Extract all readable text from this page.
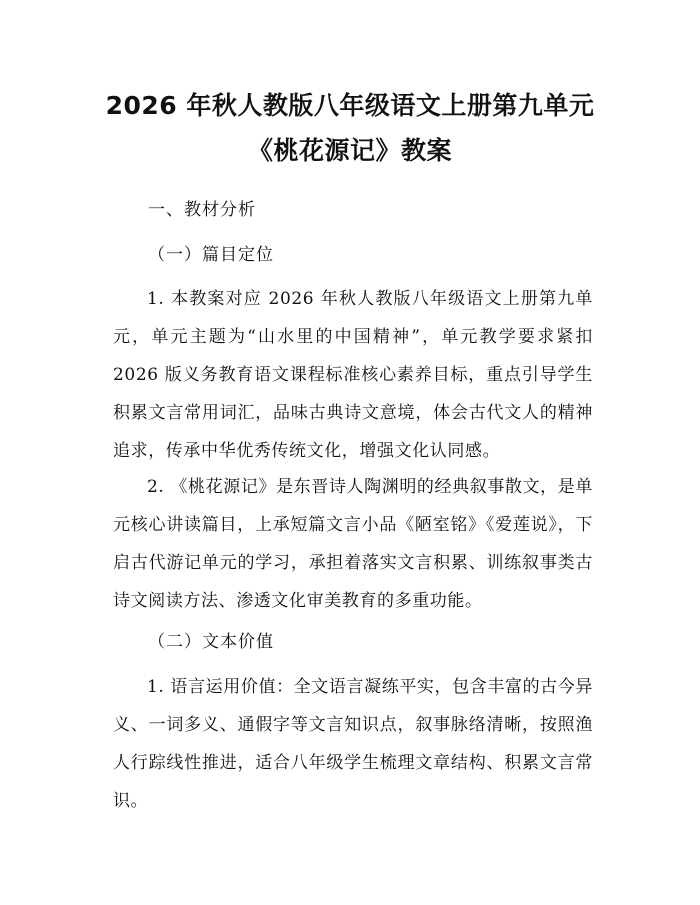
2026 年秋人教版八年级语文上册第九单元
《桃花源记》教案

一、教材分析

（一）篇目定位

1. 本教案对应 2026 年秋人教版八年级语文上册第九单元，单元主题为“山水里的中国精神”，单元教学要求紧扣 2026 版义务教育语文课程标准核心素养目标，重点引导学生积累文言常用词汇，品味古典诗文意境，体会古代文人的精神追求，传承中华优秀传统文化，增强文化认同感。

2. 《桃花源记》是东晋诗人陶渊明的经典叙事散文，是单元核心讲读篇目，上承短篇文言小品《陋室铭》《爱莲说》，下启古代游记单元的学习，承担着落实文言积累、训练叙事类古诗文阅读方法、渗透文化审美教育的多重功能。

（二）文本价值

1. 语言运用价值：全文语言凝练平实，包含丰富的古今异义、一词多义、通假字等文言知识点，叙事脉络清晰，按照渔人行踪线性推进，适合八年级学生梳理文章结构、积累文言常识。
